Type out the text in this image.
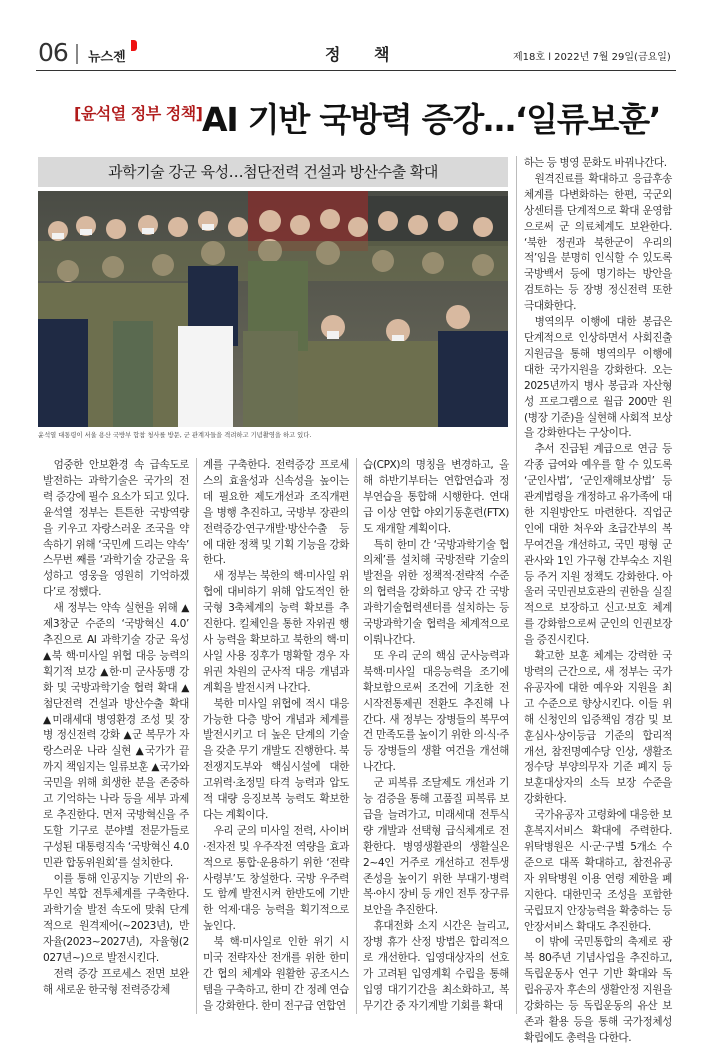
06 뉴스젠	정 책	제18호 l 2022년 7월 29일(금요일)
[윤석열 정부 정책] AI 기반 국방력 증강…‘일류보훈’
과학기술 강군 육성…첨단전력 건설과 방산수출 확대
윤석열 대통령이 서울 용산 국방부 합참 청사를 방문, 군 관계자들을 격려하고 기념촬영을 하고 있다.

엄중한 안보환경 속 급속도로 발전하는 과학기술은 국가의 전력 증강에 필수 요소가 되고 있다. 윤석열 정부는 튼튼한 국방역량을 키우고 자랑스러운 조국을 약속하기 위해 ‘국민께 드리는 약속’ 스무번 째를 ‘과학기술 강군을 육성하고 영웅을 영원히 기억하겠다’로 정했다.

새 정부는 약속 실현을 위해 ▲제3창군 수준의 ‘국방혁신 4.0’ 추진으로 AI 과학기술 강군 육성 ▲북 핵·미사일 위협 대응 능력의 획기적 보강 ▲한·미 군사동맹 강화 및 국방과학기술 협력 확대 ▲첨단전력 건설과 방산수출 확대 ▲미래세대 병영환경 조성 및 장병 정신전력 강화 ▲군 복무가 자랑스러운 나라 실현 ▲국가가 끝까지 책임지는 일류보훈 ▲국가와 국민을 위해 희생한 분을 존중하고 기억하는 나라 등을 세부 과제로 추진한다. 먼저 국방혁신을 주도할 기구로 분야별 전문가들로 구성된 대통령직속 ‘국방혁신 4.0 민관 합동위원회’를 설치한다.

이를 통해 인공지능 기반의 유·무인 복합 전투체계를 구축한다. 과학기술 발전 속도에 맞춰 단계적으로 원격제어(~2023년), 반자율(2023~2027년), 자율형(2027년~)으로 발전시킨다.

전력 증강 프로세스 전면 보완해 새로운 한국형 전력증강체

계를 구축한다. 전력증강 프로세스의 효율성과 신속성을 높이는 데 필요한 제도개선과 조직개편을 병행 추진하고, 국방부 장관의 전력증강·연구개발·방산수출 등에 대한 정책 및 기획 기능을 강화한다.

새 정부는 북한의 핵·미사일 위협에 대비하기 위해 압도적인 한국형 3축체계의 능력 확보를 추진한다. 킬체인을 통한 자위권 행사 능력을 확보하고 북한의 핵·미사일 사용 징후가 명확할 경우 자위권 차원의 군사적 대응 개념과 계획을 발전시켜 나간다.

북한 미사일 위협에 적시 대응 가능한 다층 방어 개념과 체계를 발전시키고 더 높은 단계의 기술을 갖춘 무기 개발도 진행한다. 북 전쟁지도부와 핵심시설에 대한 고위력·초정밀 타격 능력과 압도적 대량 응징보복 능력도 확보한다는 계획이다.

우리 군의 미사일 전력, 사이버·전자전 및 우주작전 역량을 효과적으로 통합·운용하기 위한 ‘전략사령부’도 창설한다. 국방 우주력도 함께 발전시켜 한반도에 기반한 억제·대응 능력을 획기적으로 높인다.

북 핵·미사일로 인한 위기 시 미국 전략자산 전개를 위한 한미 간 협의 체계와 원활한 공조시스템을 구축하고, 한미 간 정례 연습을 강화한다. 한미 전구급 연합연

습(CPX)의 명칭을 변경하고, 올해 하반기부터는 연합연습과 정부연습을 통합해 시행한다. 연대급 이상 연합 야외기동훈련(FTX)도 재개할 계획이다.

특히 한미 간 ‘국방과학기술 협의체’를 설치해 국방전략 기술의 발전을 위한 정책적·전략적 수준의 협력을 강화하고 양국 간 국방과학기술협력센터를 설치하는 등 국방과학기술 협력을 체계적으로 이뤄나간다.

또 우리 군의 핵심 군사능력과 북핵·미사일 대응능력을 조기에 확보함으로써 조건에 기초한 전시작전통제권 전환도 추진해 나간다. 새 정부는 장병들의 복무여건 만족도를 높이기 위한 의·식·주 등 장병들의 생활 여건을 개선해 나간다.

군 피복류 조달제도 개선과 기능 검증을 통해 고품질 피복류 보급을 늘려가고, 미래세대 전투식량 개발과 선택형 급식체계로 전환한다. 병영생활관의 생활실은 2~4인 거주로 개선하고 전투생존성을 높이기 위한 부대기·병력복·야시 장비 등 개인 전투 장구류 보안을 추진한다.

휴대전화 소지 시간은 늘리고, 장병 휴가 산정 방법은 합리적으로 개선한다. 입영대상자의 선호가 고려된 입영계획 수립을 통해 입영 대기기간을 최소화하고, 복무기간 중 자기계발 기회를 확대

하는 등 병영 문화도 바꿔나간다.

원격진료를 확대하고 응급후송체계를 다변화하는 한편, 국군외상센터를 단계적으로 확대 운영함으로써 군 의료체계도 보완한다. ‘북한 정권과 북한군이 우리의 적’임을 분명히 인식할 수 있도록 국방백서 등에 명기하는 방안을 검토하는 등 장병 정신전력 또한 극대화한다.

병역의무 이행에 대한 봉급은 단계적으로 인상하면서 사회진출지원금을 통해 병역의무 이행에 대한 국가지원을 강화한다. 오는 2025년까지 병사 봉급과 자산형성 프로그램으로 월급 200만 원(병장 기준)을 실현해 사회적 보상을 강화한다는 구상이다.

추서 진급된 계급으로 연금 등 각종 급여와 예우를 할 수 있도록 ‘군인사법’, ‘군인재해보상법’ 등 관계법령을 개정하고 유가족에 대한 지원방안도 마련한다. 직업군인에 대한 처우와 초급간부의 복무여건을 개선하고, 국민 평형 군 관사와 1인 가구형 간부숙소 지원 등 주거 지원 정책도 강화한다. 아울러 국민권보호관의 권한을 실질적으로 보장하고 신고·보호 체계를 강화함으로써 군인의 인권보장을 증진시킨다.

확고한 보훈 체계는 강력한 국방력의 근간으로, 새 정부는 국가유공자에 대한 예우와 지원을 최고 수준으로 향상시킨다. 이들 위해 신청인의 입증책임 경감 및 보훈심사·상이등급 기준의 합리적 개선, 참전명예수당 인상, 생활조정수당 부양의무자 기준 폐지 등 보훈대상자의 소득 보장 수준을 강화한다.

국가유공자 고령화에 대응한 보훈복지서비스 확대에 주력한다. 위탁병원은 시·군·구별 5개소 수준으로 대폭 확대하고, 참전유공자 위탁병원 이용 연령 제한을 폐지한다. 대한민국 조성을 포함한 국립묘지 안장능력을 확충하는 등 안장서비스 확대도 추진한다.

이 밖에 국민통합의 축제로 광복 80주년 기념사업을 추진하고, 독립운동사 연구 기반 확대와 독립유공자 후손의 생활안정 지원을 강화하는 등 독립운동의 유산 보존과 활용 등을 통해 국가정체성 확립에도 총력을 다한다.
